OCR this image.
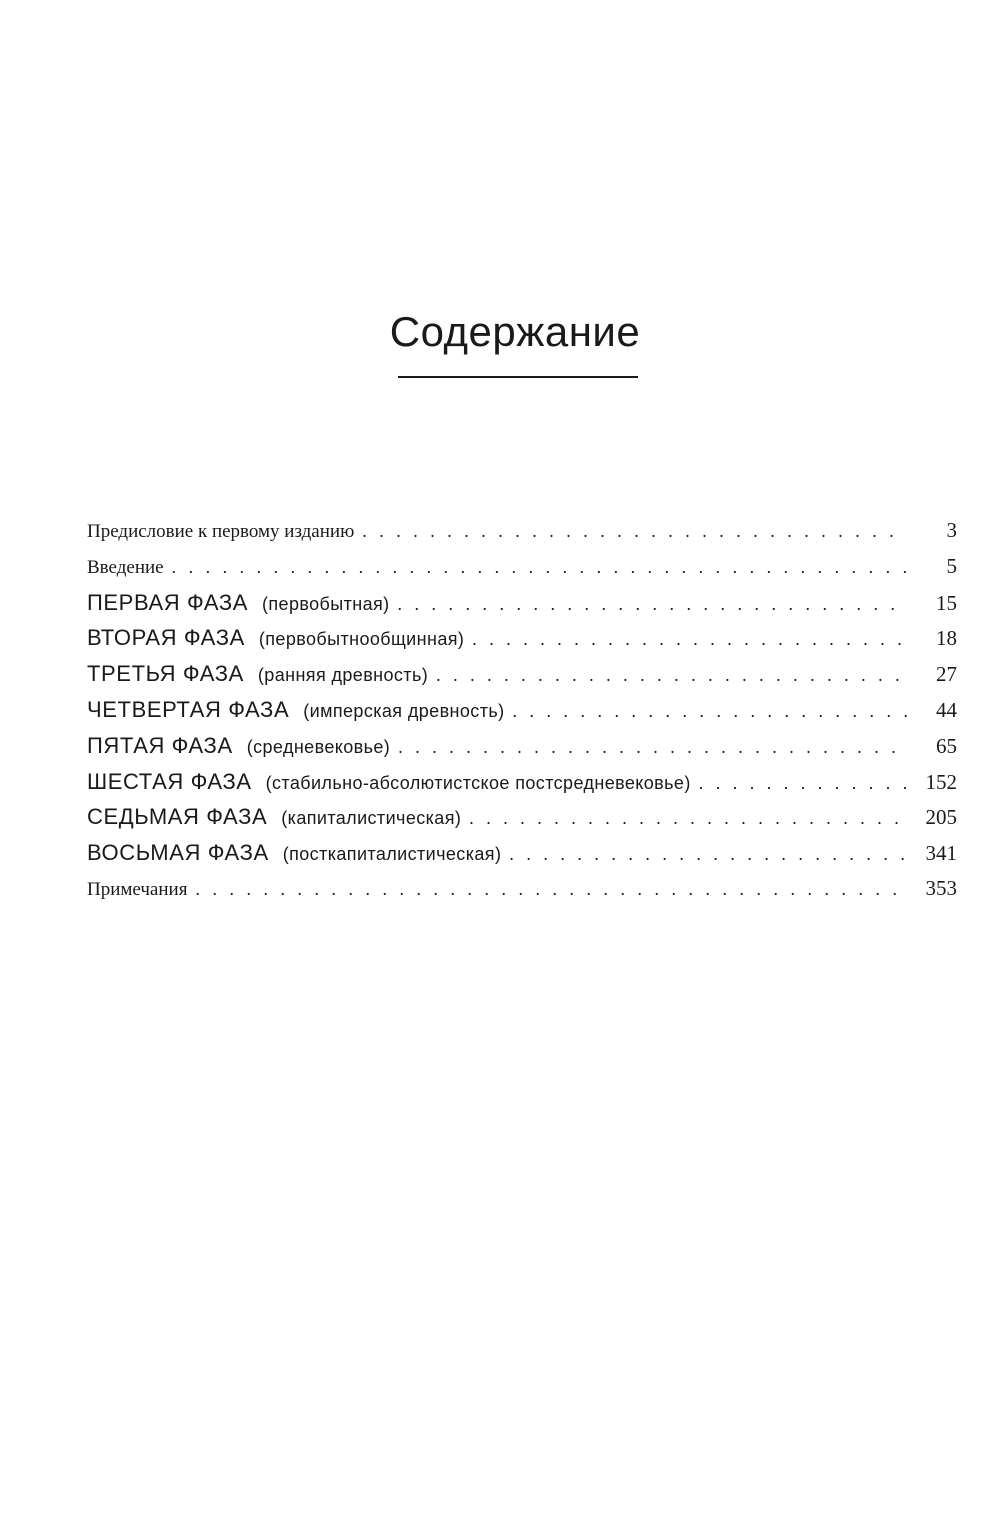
Содержание
Предисловие к первому изданию . . .	3
Введение . . .	5
ПЕРВАЯ ФАЗА (первобытная) . . .	15
ВТОРАЯ ФАЗА (первобытнообщинная) . . .	18
ТРЕТЬЯ ФАЗА (ранняя древность) . . .	27
ЧЕТВЕРТАЯ ФАЗА (имперская древность) . . .	44
ПЯТАЯ ФАЗА (средневековье) . . .	65
ШЕСТАЯ ФАЗА (стабильно-абсолютистское постсредневековье) . . .	152
СЕДЬМАЯ ФАЗА (капиталистическая) . . .	205
ВОСЬМАЯ ФАЗА (посткапиталистическая) . . .	341
Примечания . . .	353
